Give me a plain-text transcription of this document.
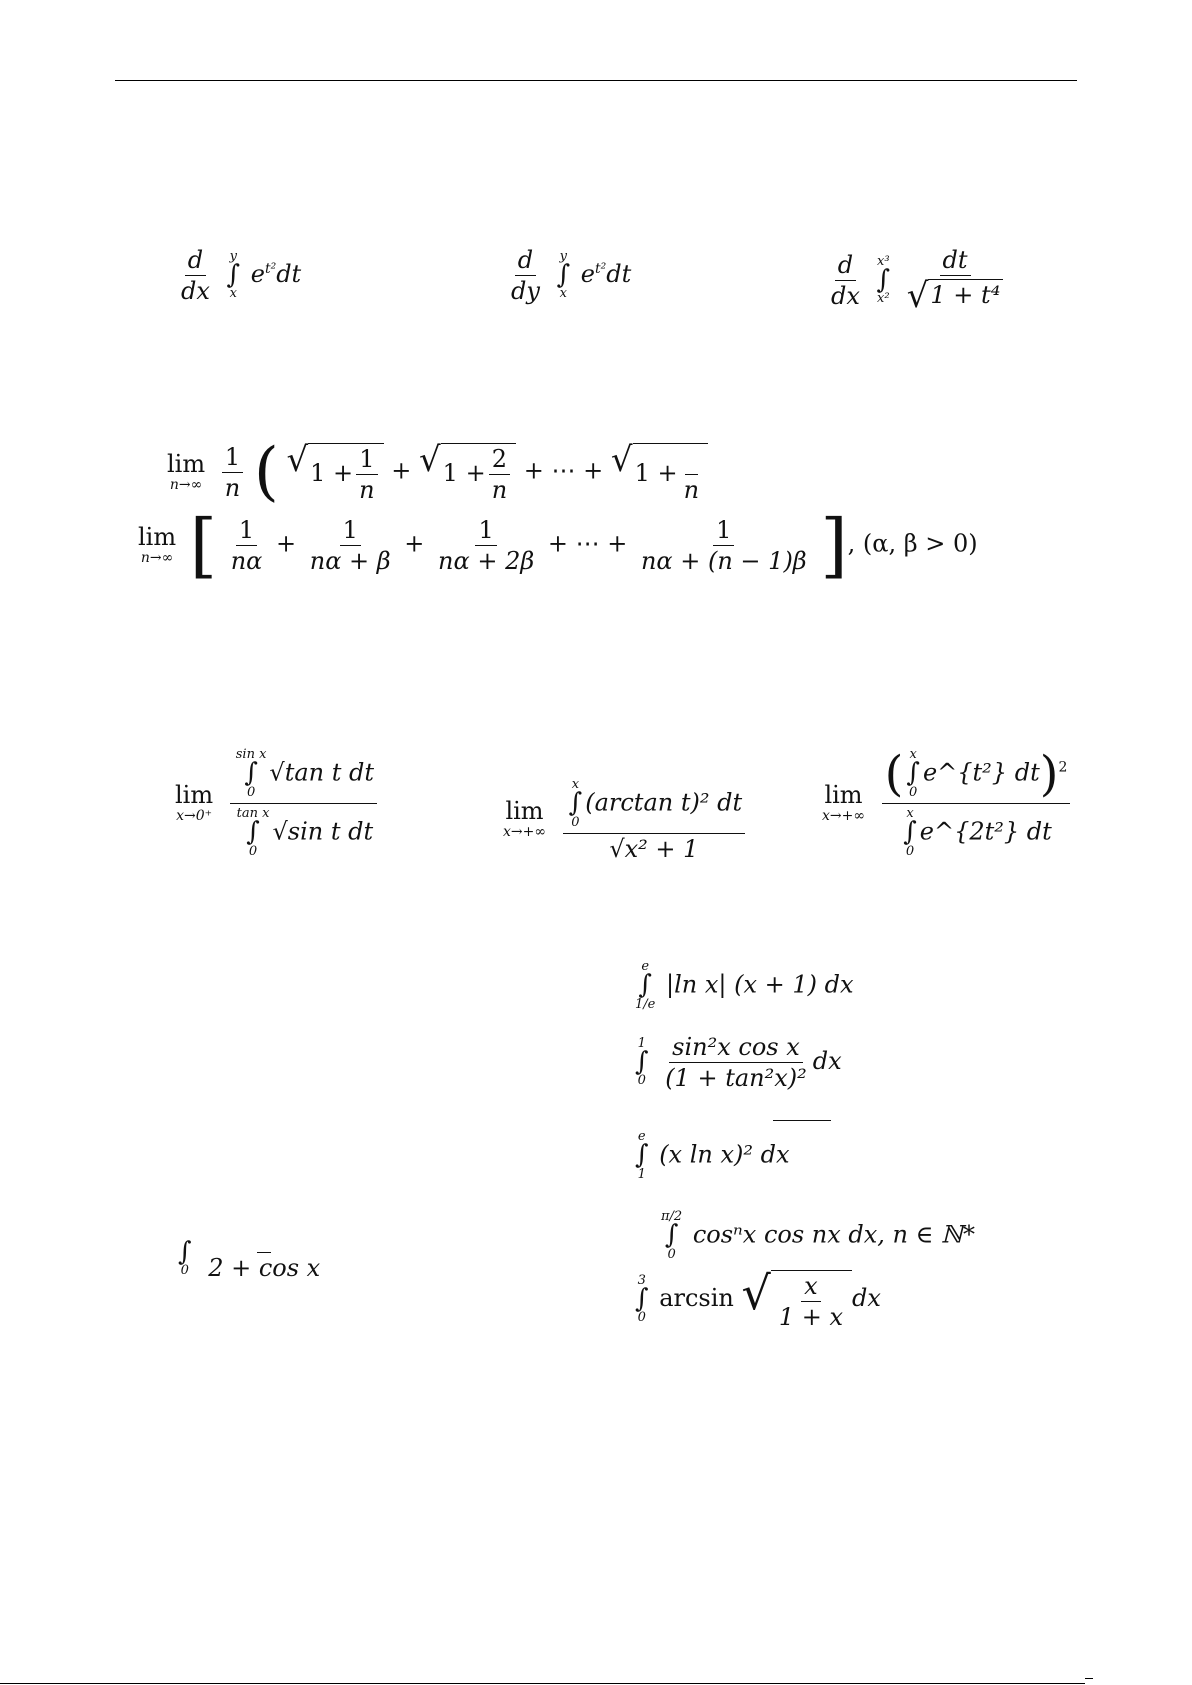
$\frac{d}{dx}$
y
∫
x
$e^{t^2}dt$	$\frac{d}{dy}$
y
∫
x
$e^{t^2}dt$	$\frac{d}{dx}$
x³
∫
x²
$\frac{dt}{\text{√ 1 + t⁴}}$
lim
n→∞
$\frac{1}{n}$ ( √ $1 + \frac{1}{n}$ + √ $1 + \frac{2}{n}$ + ⋯ + √ 1 +

n
lim
n→∞ [ $\frac{1}{n\alpha} + \frac{1}{n\alpha + \beta} + \frac{1}{n\alpha + 2\beta}$ + ⋯ + $\frac{1}{n\alpha + (n - 1)\beta}$ ], (α, β > 0)
lim
x→0⁺
sin x
∫
0
√tan t dt
tan x
∫
0
√sin t dt	lim
x→+∞
x
∫
0
(arctan t)² dt
√x² + 1	lim
x→+∞
( x
∫
0
e^{t²} dt)$^2$
x
∫
0
e^{2t²} dt
e
∫
1/e
|ln x| (x + 1) dx
1
∫
0
$\frac{\text{sin²x cos x}}{\text{(1 + tan²x)²}}$ dx
e
∫
1
(x ln x)² dx
π/2
∫
0
cosⁿx cos nx dx, n ∈ ℕ*
3
∫
0
arcsin √ $\frac{x}{1 + x}$ dx

∫
0

2 + cos x
